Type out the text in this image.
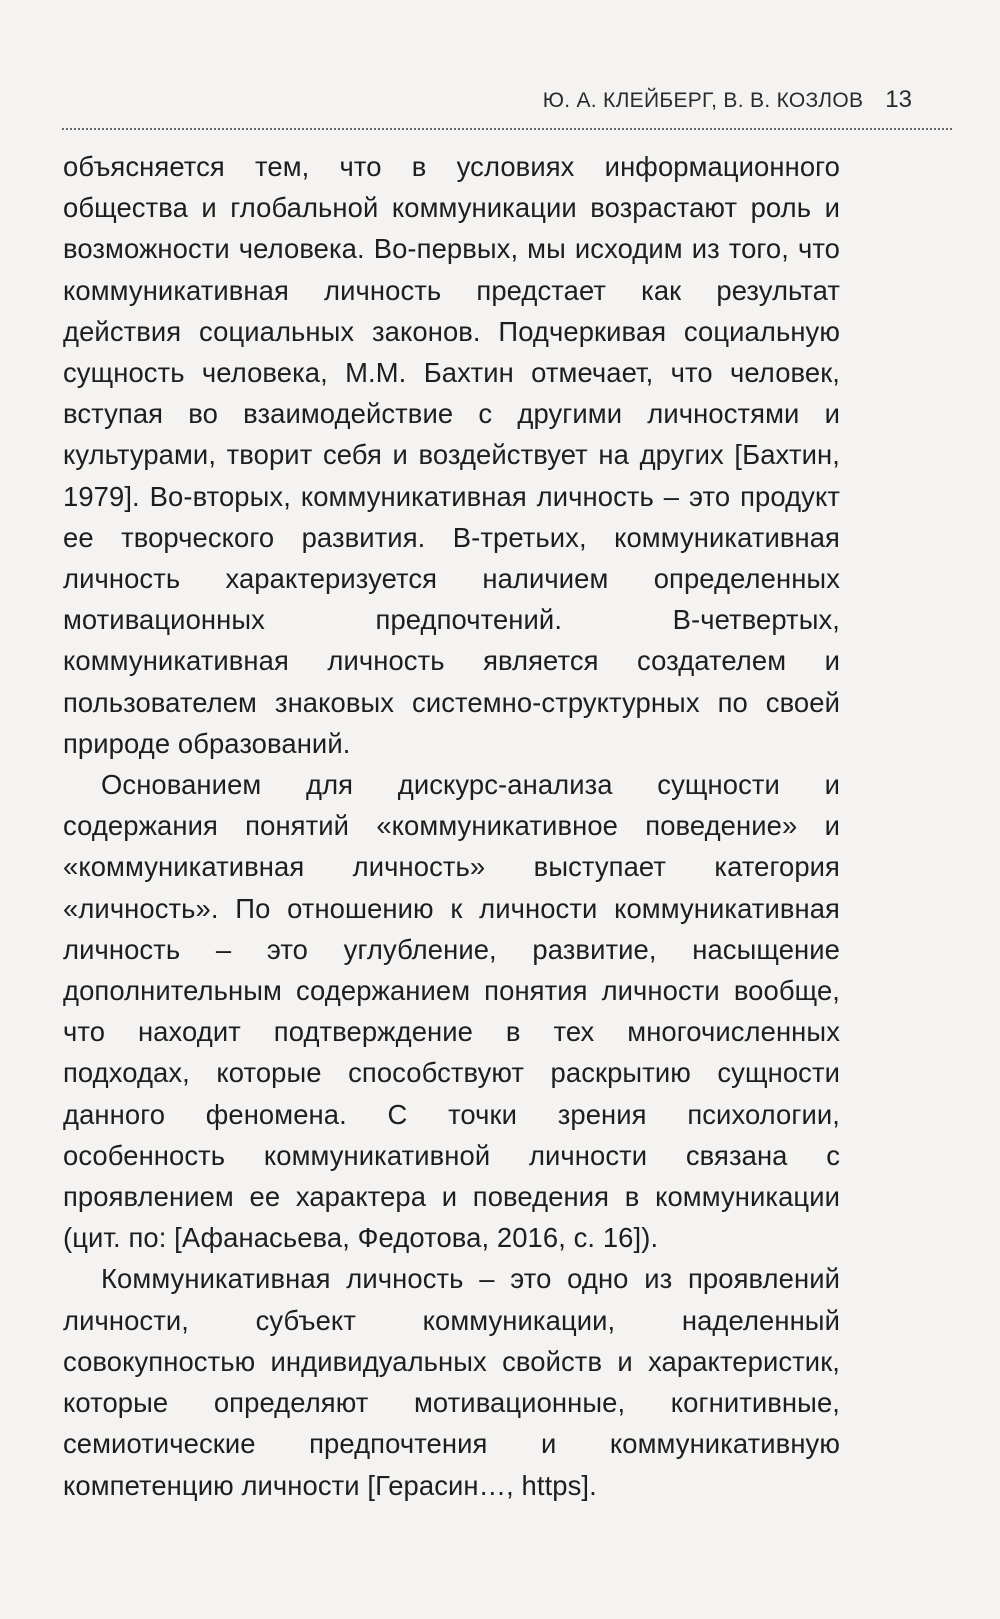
Ю. А. КЛЕЙБЕРГ, В. В. КОЗЛОВ 13

объясняется тем, что в условиях информационного общества и глобальной коммуникации возрастают роль и возможности человека. Во-первых, мы исходим из того, что коммуникативная личность предстает как результат действия социальных законов. Подчеркивая социальную сущность человека, М.М. Бахтин отмечает, что человек, вступая во взаимодействие с другими личностями и культурами, творит себя и воздействует на других [Бахтин, 1979]. Во-вторых, коммуникативная личность – это продукт ее творческого развития. В-третьих, коммуникативная личность характеризуется наличием определенных мотивационных предпочтений. В-четвертых, коммуникативная личность является создателем и пользователем знаковых системно-структурных по своей природе образований.

Основанием для дискурс-анализа сущности и содержания понятий «коммуникативное поведение» и «коммуникативная личность» выступает категория «личность». По отношению к личности коммуникативная личность – это углубление, развитие, насыщение дополнительным содержанием понятия личности вообще, что находит подтверждение в тех многочисленных подходах, которые способствуют раскрытию сущности данного феномена. С точки зрения психологии, особенность коммуникативной личности связана с проявлением ее характера и поведения в коммуникации (цит. по: [Афанасьева, Федотова, 2016, с. 16]).

Коммуникативная личность – это одно из проявлений личности, субъект коммуникации, наделенный совокупностью индивидуальных свойств и характеристик, которые определяют мотивационные, когнитивные, семиотические предпочтения и коммуникативную компетенцию личности [Герасин…, https].
